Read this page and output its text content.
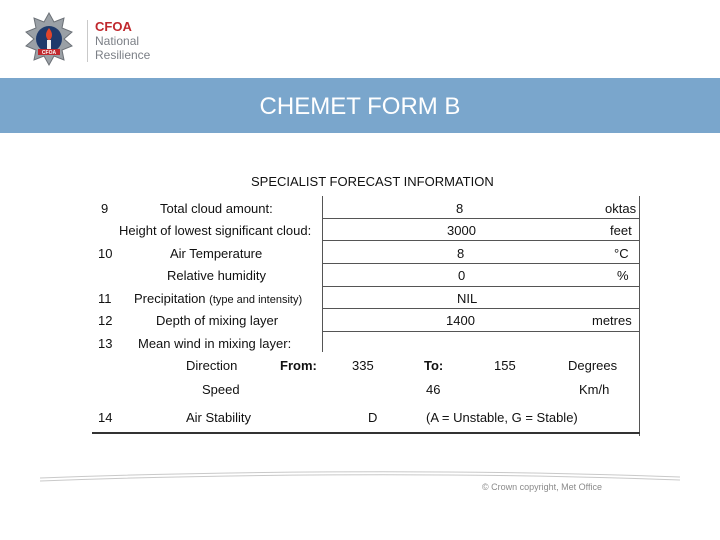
CFOA
CFOA
National
Resilience
CHEMET FORM B
SPECIALIST FORECAST INFORMATION
9	Total cloud amount:	8	oktas
Height of lowest significant cloud:	3000	feet
10	Air Temperature	8	°C
Relative humidity	0	%
11 Precipitation (type and intensity)	NIL
12	Depth of mixing layer	1400	metres
13 Mean wind in mixing layer:
Direction	From:	335	To:	155	Degrees
Speed	46	Km/h
14	Air Stability	D	(A = Unstable, G = Stable)
© Crown copyright, Met Office
